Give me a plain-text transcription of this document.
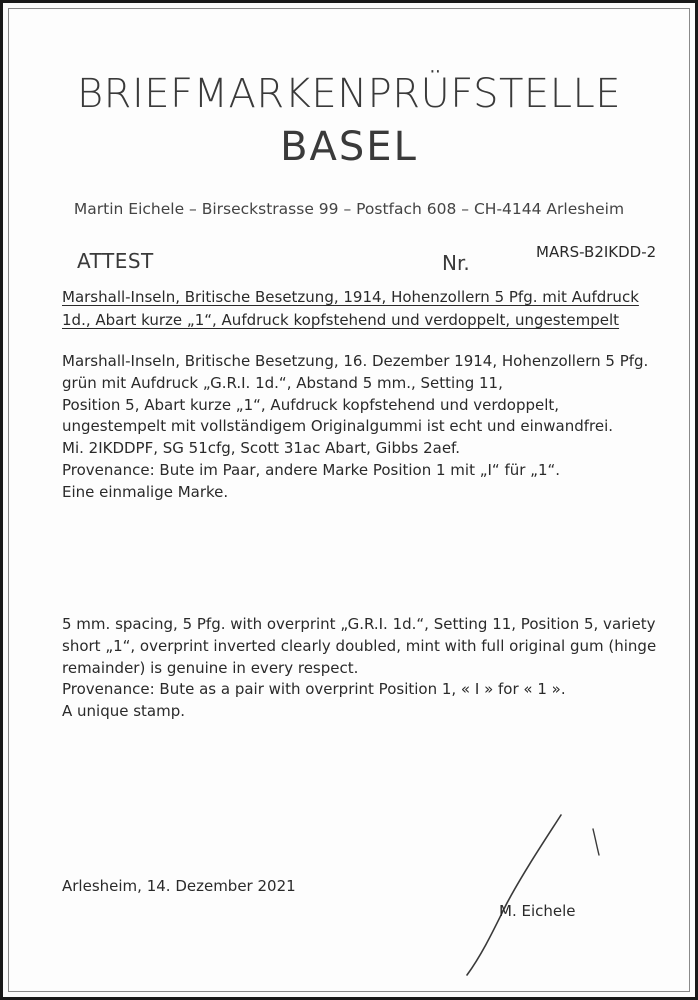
BRIEFMARKENPRÜFSTELLE
BASEL
Martin Eichele – Birseckstrasse 99 – Postfach 608 – CH-4144 Arlesheim
ATTEST	Nr.	MARS-B2IKDD-2
Marshall-Inseln, Britische Besetzung, 1914, Hohenzollern 5 Pfg. mit Aufdruck
1d., Abart kurze „1“, Aufdruck kopfstehend und verdoppelt, ungestempelt
Marshall-Inseln, Britische Besetzung, 16. Dezember 1914, Hohenzollern 5 Pfg.
grün mit Aufdruck „G.R.I. 1d.“, Abstand 5 mm., Setting 11,
Position 5, Abart kurze „1“, Aufdruck kopfstehend und verdoppelt,
ungestempelt mit vollständigem Originalgummi ist echt und einwandfrei.
Mi. 2IKDDPF, SG 51cfg, Scott 31ac Abart, Gibbs 2aef.
Provenance: Bute im Paar, andere Marke Position 1 mit „I“ für „1“.
Eine einmalige Marke.
5 mm. spacing, 5 Pfg. with overprint „G.R.I. 1d.“, Setting 11, Position 5, variety
short „1“, overprint inverted clearly doubled, mint with full original gum (hinge
remainder) is genuine in every respect.
Provenance: Bute as a pair with overprint Position 1, « I » for « 1 ».
A unique stamp.
Arlesheim, 14. Dezember 2021
M. Eichele
